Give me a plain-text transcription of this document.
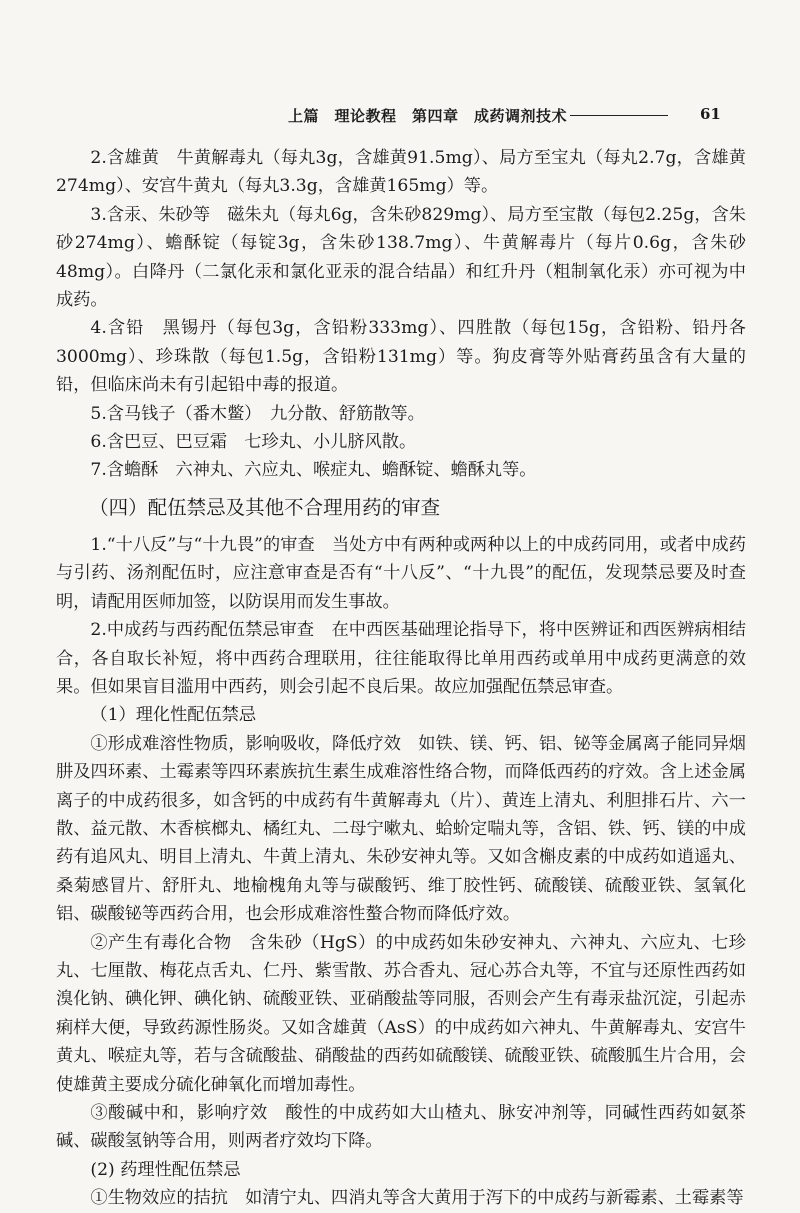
上篇　理论教程　第四章　成药调剂技术	61

2.含雄黄　牛黄解毒丸（每丸3g，含雄黄91.5mg）、局方至宝丸（每丸2.7g，含雄黄274mg）、安宫牛黄丸（每丸3.3g，含雄黄165mg）等。

3.含汞、朱砂等　磁朱丸（每丸6g，含朱砂829mg）、局方至宝散（每包2.25g，含朱砂274mg）、蟾酥锭（每锭3g，含朱砂138.7mg）、牛黄解毒片（每片0.6g，含朱砂48mg）。白降丹（二氯化汞和氯化亚汞的混合结晶）和红升丹（粗制氧化汞）亦可视为中成药。

4.含铅　黑锡丹（每包3g，含铅粉333mg）、四胜散（每包15g，含铅粉、铅丹各3000mg）、珍珠散（每包1.5g，含铅粉131mg）等。狗皮膏等外贴膏药虽含有大量的铅，但临床尚未有引起铅中毒的报道。

5.含马钱子（番木鳖）　九分散、舒筋散等。

6.含巴豆、巴豆霜　七珍丸、小儿脐风散。

7.含蟾酥　六神丸、六应丸、喉症丸、蟾酥锭、蟾酥丸等。

（四）配伍禁忌及其他不合理用药的审查

1.“十八反”与“十九畏”的审查　当处方中有两种或两种以上的中成药同用，或者中成药与引药、汤剂配伍时，应注意审查是否有“十八反”、“十九畏”的配伍，发现禁忌要及时查明，请配用医师加签，以防误用而发生事故。

2.中成药与西药配伍禁忌审查　在中西医基础理论指导下，将中医辨证和西医辨病相结合，各自取长补短，将中西药合理联用，往往能取得比单用西药或单用中成药更满意的效果。但如果盲目滥用中西药，则会引起不良后果。故应加强配伍禁忌审查。

（1）理化性配伍禁忌

①形成难溶性物质，影响吸收，降低疗效　如铁、镁、钙、铝、铋等金属离子能同异烟肼及四环素、土霉素等四环素族抗生素生成难溶性络合物，而降低西药的疗效。含上述金属离子的中成药很多，如含钙的中成药有牛黄解毒丸（片）、黄连上清丸、利胆排石片、六一散、益元散、木香槟榔丸、橘红丸、二母宁嗽丸、蛤蚧定喘丸等，含铝、铁、钙、镁的中成药有追风丸、明目上清丸、牛黄上清丸、朱砂安神丸等。又如含槲皮素的中成药如逍遥丸、桑菊感冒片、舒肝丸、地榆槐角丸等与碳酸钙、维丁胶性钙、硫酸镁、硫酸亚铁、氢氧化铝、碳酸铋等西药合用，也会形成难溶性螯合物而降低疗效。

②产生有毒化合物　含朱砂（HgS）的中成药如朱砂安神丸、六神丸、六应丸、七珍丸、七厘散、梅花点舌丸、仁丹、紫雪散、苏合香丸、冠心苏合丸等，不宜与还原性西药如溴化钠、碘化钾、碘化钠、硫酸亚铁、亚硝酸盐等同服，否则会产生有毒汞盐沉淀，引起赤痢样大便，导致药源性肠炎。又如含雄黄（AsS）的中成药如六神丸、牛黄解毒丸、安宫牛黄丸、喉症丸等，若与含硫酸盐、硝酸盐的西药如硫酸镁、硫酸亚铁、硫酸胍生片合用，会使雄黄主要成分硫化砷氧化而增加毒性。

③酸碱中和，影响疗效　酸性的中成药如大山楂丸、脉安冲剂等，同碱性西药如氨茶碱、碳酸氢钠等合用，则两者疗效均下降。

(2) 药理性配伍禁忌

①生物效应的拮抗　如清宁丸、四消丸等含大黄用于泻下的中成药与新霉素、土霉素等
